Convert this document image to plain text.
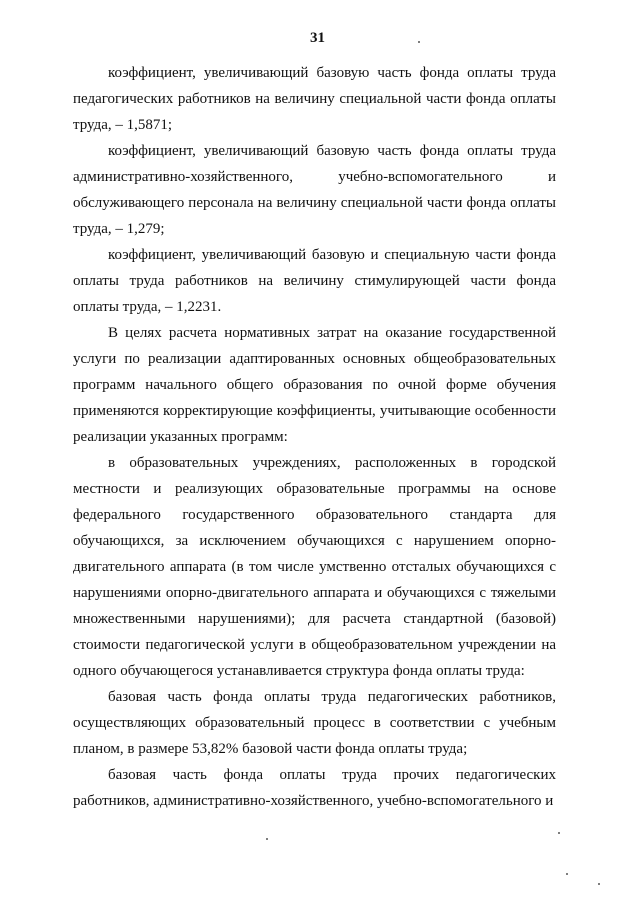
31

коэффициент, увеличивающий базовую часть фонда оплаты труда педагогических работников на величину специальной части фонда оплаты труда, – 1,5871;

коэффициент, увеличивающий базовую часть фонда оплаты труда административно-хозяйственного, учебно-вспомогательного и обслуживающего персонала на величину специальной части фонда оплаты труда, – 1,279;

коэффициент, увеличивающий базовую и специальную части фонда оплаты труда работников на величину стимулирующей части фонда оплаты труда, – 1,2231.

В целях расчета нормативных затрат на оказание государственной услуги по реализации адаптированных основных общеобразовательных программ начального общего образования по очной форме обучения применяются корректирующие коэффициенты, учитывающие особенности реализации указанных программ:

в образовательных учреждениях, расположенных в городской местности и реализующих образовательные программы на основе федерального государственного образовательного стандарта для обучающихся, за исключением обучающихся с нарушением опорно-двигательного аппарата (в том числе умственно отсталых обучающихся с нарушениями опорно-двигательного аппарата и обучающихся с тяжелыми множественными нарушениями); для расчета стандартной (базовой) стоимости педагогической услуги в общеобразовательном учреждении на одного обучающегося устанавливается структура фонда оплаты труда:

базовая часть фонда оплаты труда педагогических работников, осуществляющих образовательный процесс в соответствии с учебным планом, в размере 53,82% базовой части фонда оплаты труда;

базовая часть фонда оплаты труда прочих педагогических работников, административно-хозяйственного, учебно-вспомогательного и
